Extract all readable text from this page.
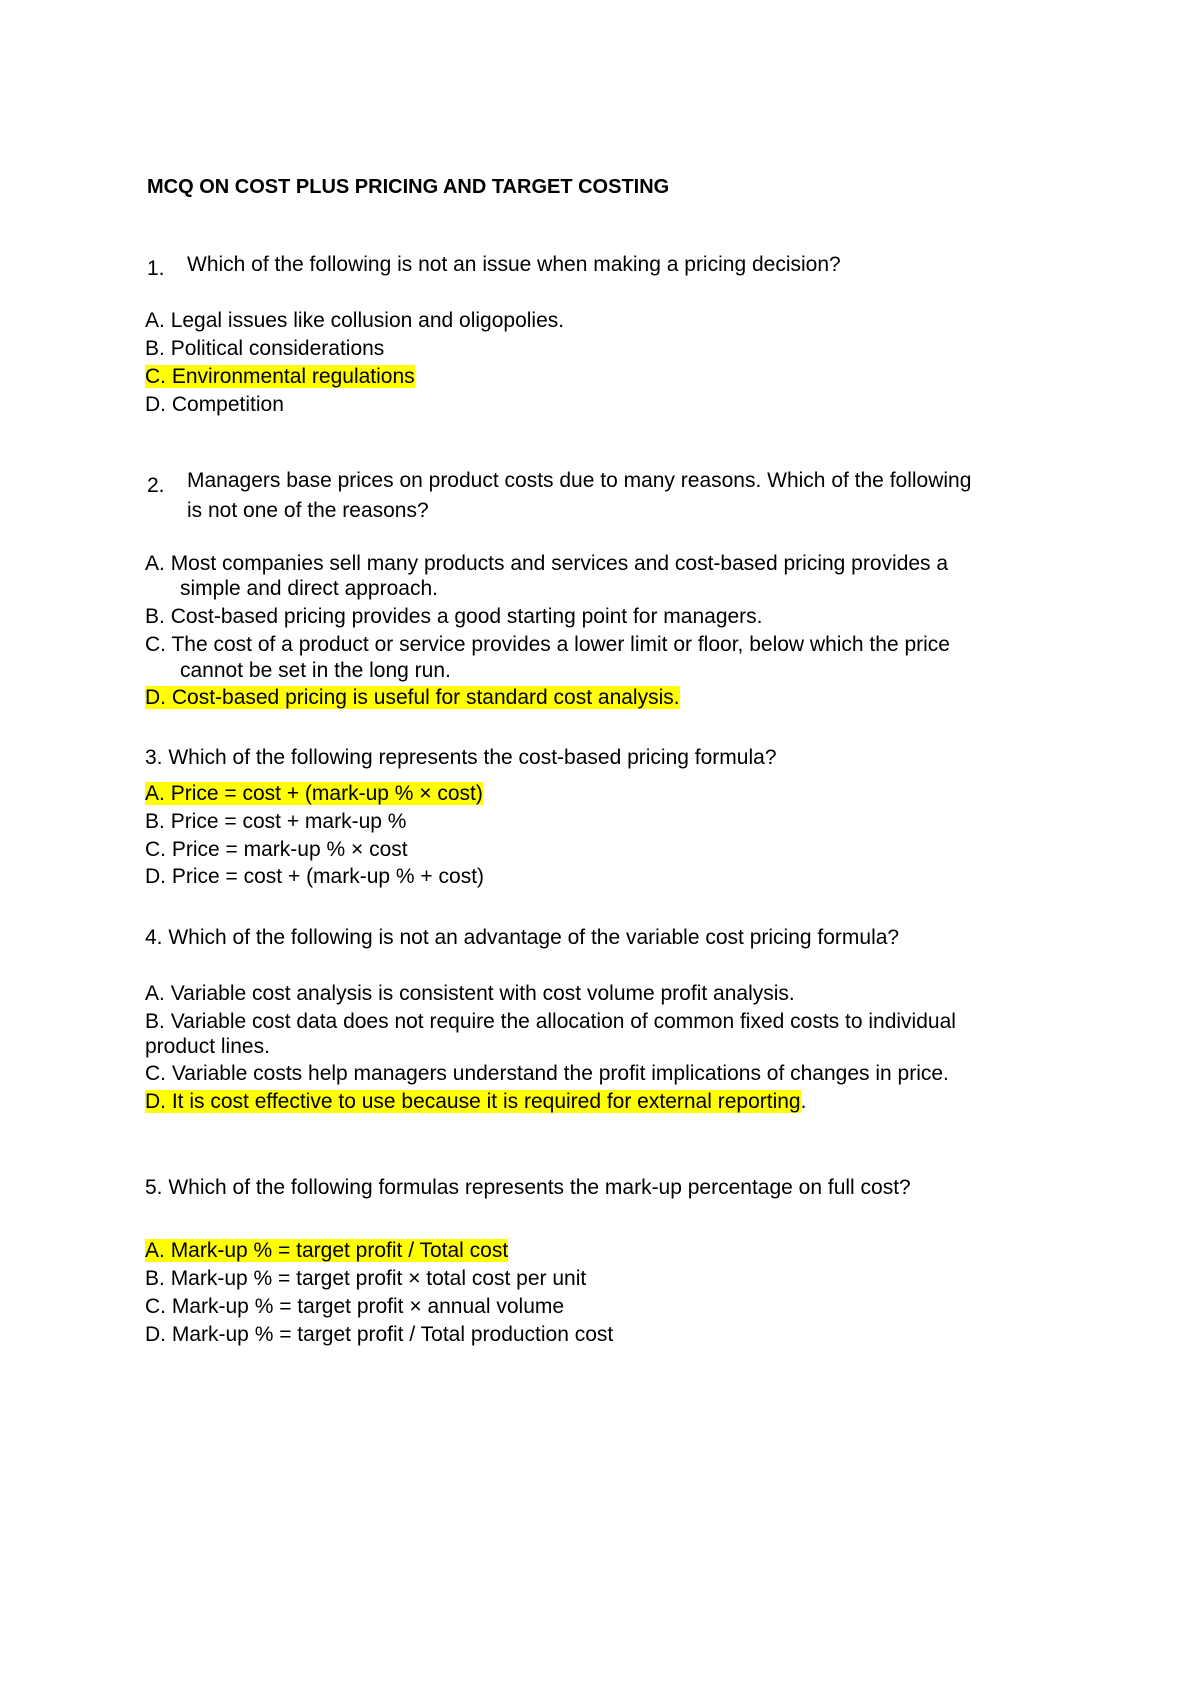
MCQ ON COST PLUS PRICING AND TARGET COSTING
1. Which of the following is not an issue when making a pricing decision?
A. Legal issues like collusion and oligopolies.
B. Political considerations
C. Environmental regulations
D. Competition
2. Managers base prices on product costs due to many reasons. Which of the following
is not one of the reasons?
A. Most companies sell many products and services and cost-based pricing provides a
simple and direct approach.
B. Cost-based pricing provides a good starting point for managers.
C. The cost of a product or service provides a lower limit or floor, below which the price
cannot be set in the long run.
D. Cost-based pricing is useful for standard cost analysis.
3. Which of the following represents the cost-based pricing formula?
A. Price = cost + (mark-up % × cost)
B. Price = cost + mark-up %
C. Price = mark-up % × cost
D. Price = cost + (mark-up % + cost)
4. Which of the following is not an advantage of the variable cost pricing formula?
A. Variable cost analysis is consistent with cost volume profit analysis.
B. Variable cost data does not require the allocation of common fixed costs to individual
product lines.
C. Variable costs help managers understand the profit implications of changes in price.
D. It is cost effective to use because it is required for external reporting.
5. Which of the following formulas represents the mark-up percentage on full cost?
A. Mark-up % = target profit / Total cost
B. Mark-up % = target profit × total cost per unit
C. Mark-up % = target profit × annual volume
D. Mark-up % = target profit / Total production cost
